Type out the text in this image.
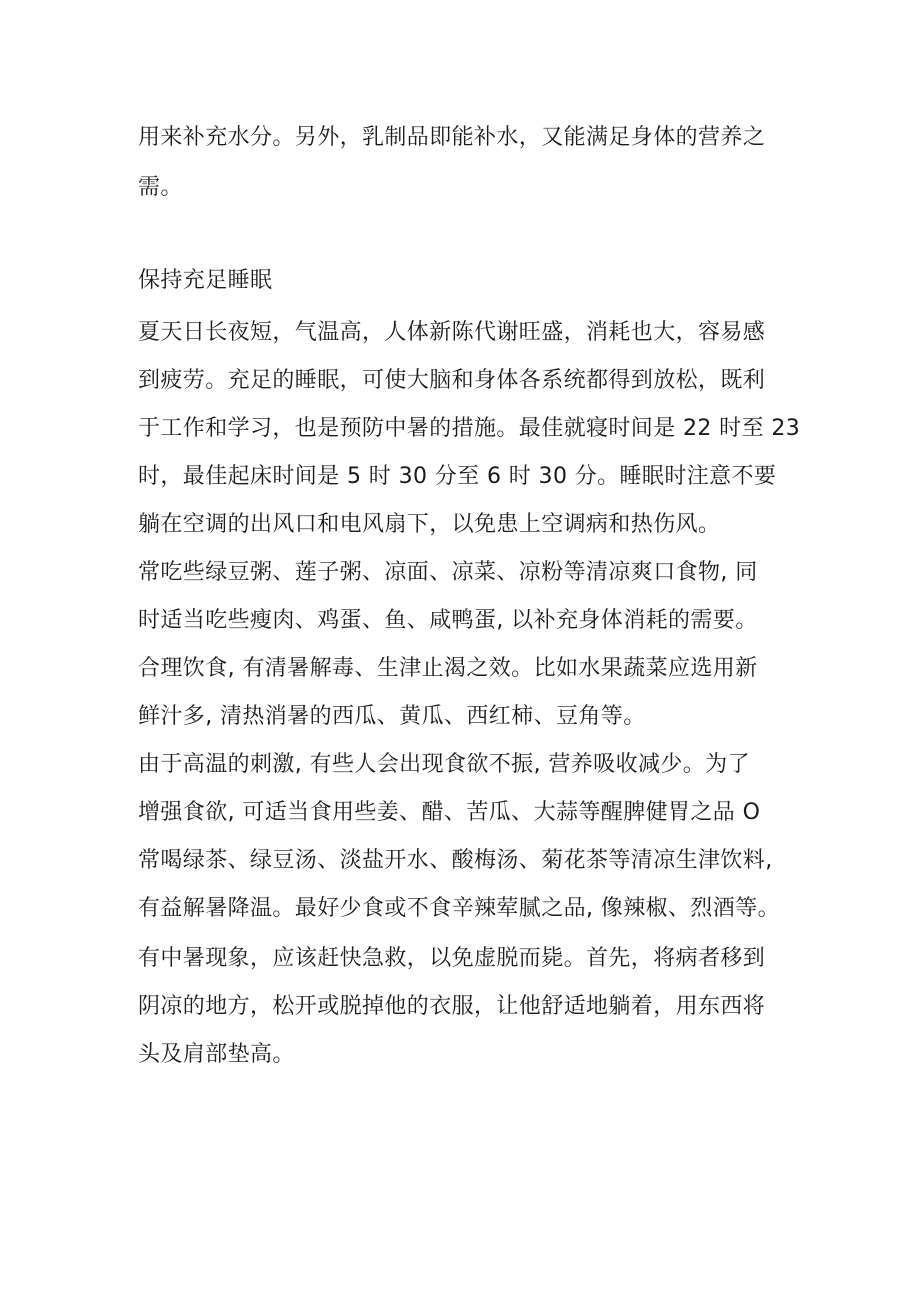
用来补充水分。另外，乳制品即能补水，又能满足身体的营养之
需。
保持充足睡眠
夏天日长夜短，气温高，人体新陈代谢旺盛，消耗也大，容易感
到疲劳。充足的睡眠，可使大脑和身体各系统都得到放松，既利
于工作和学习，也是预防中暑的措施。最佳就寝时间是 22 时至 23
时，最佳起床时间是 5 时 30 分至 6 时 30 分。睡眠时注意不要
躺在空调的出风口和电风扇下，以免患上空调病和热伤风。
常吃些绿豆粥、莲子粥、凉面、凉菜、凉粉等清凉爽口食物, 同
时适当吃些瘦肉、鸡蛋、鱼、咸鸭蛋, 以补充身体消耗的需要。
合理饮食, 有清暑解毒、生津止渴之效。比如水果蔬菜应选用新
鲜汁多, 清热消暑的西瓜、黄瓜、西红柿、豆角等。
由于高温的刺激, 有些人会出现食欲不振, 营养吸收减少。为了
增强食欲, 可适当食用些姜、醋、苦瓜、大蒜等醒脾健胃之品 O
常喝绿茶、绿豆汤、淡盐开水、酸梅汤、菊花茶等清凉生津饮料,
有益解暑降温。最好少食或不食辛辣荤腻之品, 像辣椒、烈酒等。
有中暑现象，应该赶快急救，以免虚脱而毙。首先，将病者移到
阴凉的地方，松开或脱掉他的衣服，让他舒适地躺着，用东西将
头及肩部垫高。
